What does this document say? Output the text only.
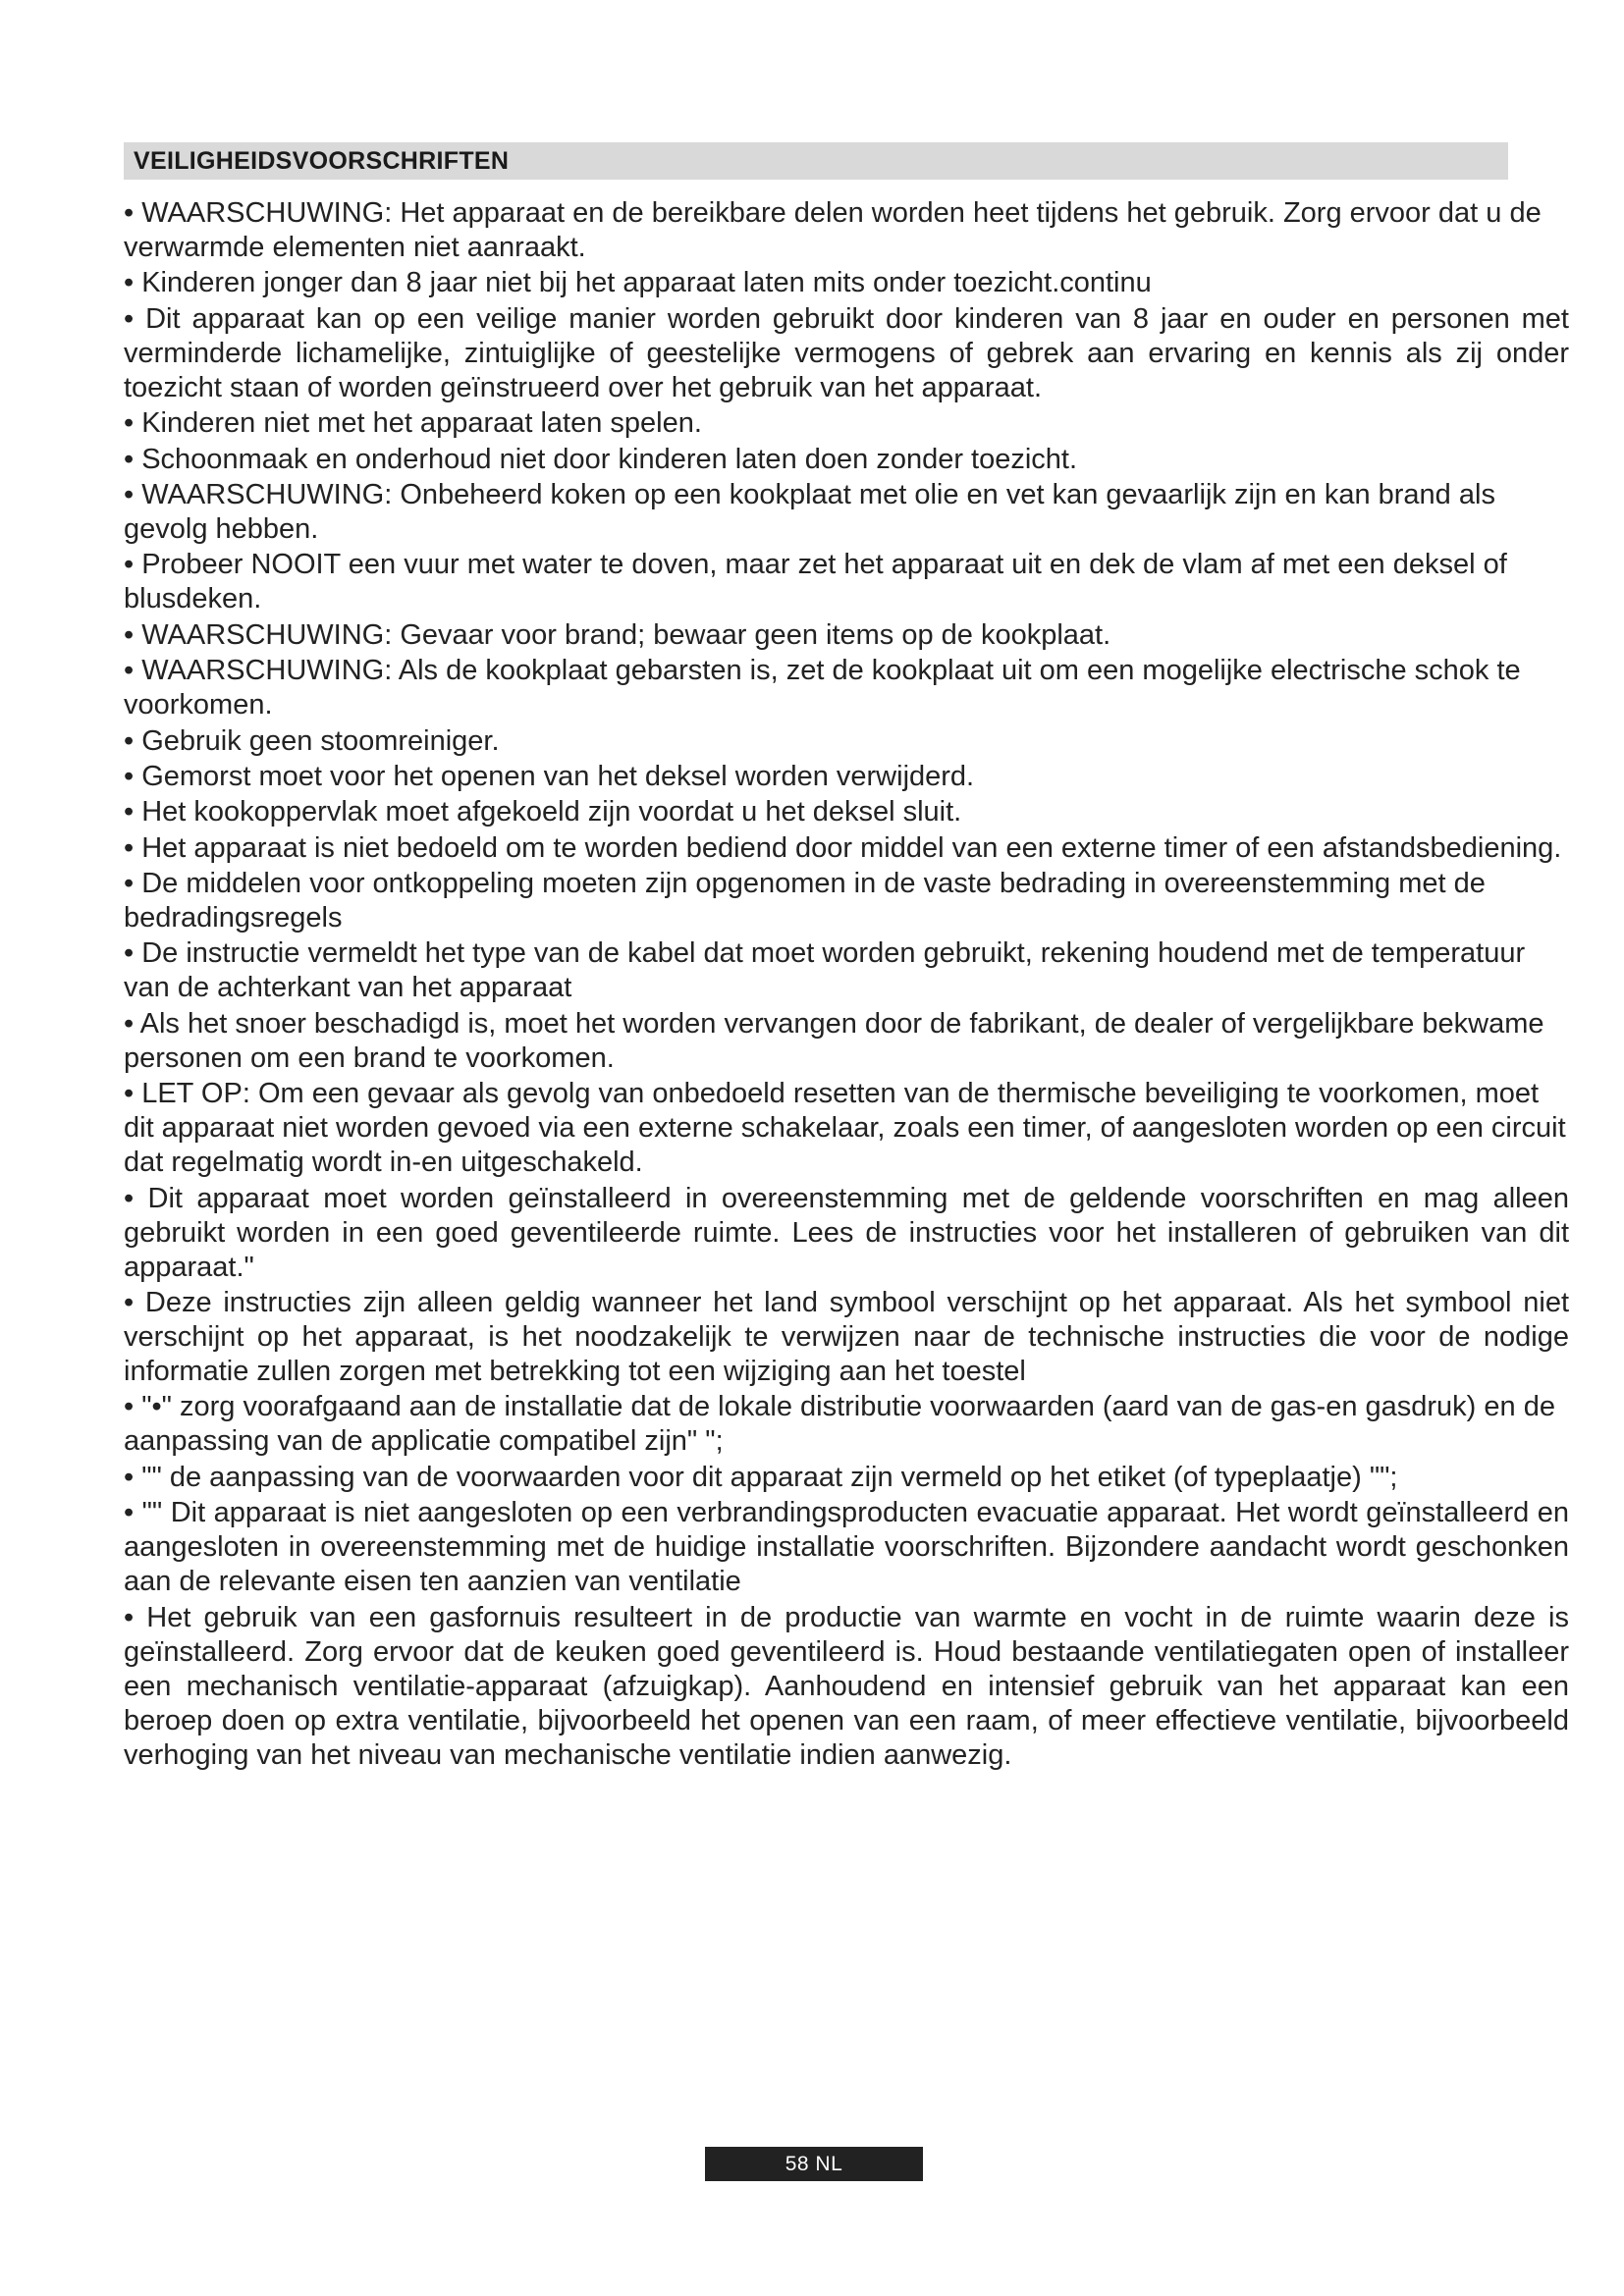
VEILIGHEIDSVOORSCHRIFTEN

• WAARSCHUWING: Het apparaat en de bereikbare delen worden heet tijdens het gebruik. Zorg ervoor dat u de verwarmde elementen niet aanraakt.

• Kinderen jonger dan 8 jaar niet bij het apparaat laten mits onder toezicht.continu

• Dit apparaat kan op een veilige manier worden gebruikt door kinderen van 8 jaar en ouder en personen met verminderde lichamelijke, zintuiglijke of geestelijke vermogens of gebrek aan ervaring en kennis als zij onder toezicht staan of worden geïnstrueerd over het gebruik van het apparaat.

• Kinderen niet met het apparaat laten spelen.

• Schoonmaak en onderhoud niet door kinderen laten doen zonder toezicht.

• WAARSCHUWING: Onbeheerd koken op een kookplaat met olie en vet kan gevaarlijk zijn en kan brand als gevolg hebben.

• Probeer NOOIT een vuur met water te doven, maar zet het apparaat uit en dek de vlam af met een deksel of blusdeken.

• WAARSCHUWING: Gevaar voor brand; bewaar geen items op de kookplaat.

• WAARSCHUWING: Als de kookplaat gebarsten is, zet de kookplaat uit om een mogelijke electrische schok te voorkomen.

• Gebruik geen stoomreiniger.

• Gemorst moet voor het openen van het deksel worden verwijderd.

• Het kookoppervlak moet afgekoeld zijn voordat u het deksel sluit.

• Het apparaat is niet bedoeld om te worden bediend door middel van een externe timer of een afstandsbediening.

• De middelen voor ontkoppeling moeten zijn opgenomen in de vaste bedrading in overeenstemming met de bedradingsregels

• De instructie vermeldt het type van de kabel dat moet worden gebruikt, rekening houdend met de temperatuur van de achterkant van het apparaat

• Als het snoer beschadigd is, moet het worden vervangen door de fabrikant, de dealer of vergelijkbare bekwame personen om een brand te voorkomen.

• LET OP: Om een gevaar als gevolg van onbedoeld resetten van de thermische beveiliging te voorkomen, moet dit apparaat niet worden gevoed via een externe schakelaar, zoals een timer, of aangesloten worden op een circuit dat regelmatig wordt in-en uitgeschakeld.

• Dit apparaat moet worden geïnstalleerd in overeenstemming met de geldende voorschriften en mag alleen gebruikt worden in een goed geventileerde ruimte. Lees de instructies voor het installeren of gebruiken van dit apparaat."

• Deze instructies zijn alleen geldig wanneer het land symbool verschijnt op het apparaat. Als het symbool niet verschijnt op het apparaat, is het noodzakelijk te verwijzen naar de technische instructies die voor de nodige informatie zullen zorgen met betrekking tot een wijziging aan het toestel

• "•" zorg voorafgaand aan de installatie dat de lokale distributie voorwaarden (aard van de gas-en gasdruk) en de aanpassing van de applicatie compatibel zijn" ";

• "" de aanpassing van de voorwaarden voor dit apparaat zijn vermeld op het etiket (of typeplaatje) "";

• "" Dit apparaat is niet aangesloten op een verbrandingsproducten evacuatie apparaat. Het wordt geïnstalleerd en aangesloten in overeenstemming met de huidige installatie voorschriften. Bijzondere aandacht wordt geschonken aan de relevante eisen ten aanzien van ventilatie

• Het gebruik van een gasfornuis resulteert in de productie van warmte en vocht in de ruimte waarin deze is geïnstalleerd. Zorg ervoor dat de keuken goed geventileerd is. Houd bestaande ventilatiegaten open of installeer een mechanisch ventilatie-apparaat (afzuigkap). Aanhoudend en intensief gebruik van het apparaat kan een beroep doen op extra ventilatie, bijvoorbeeld het openen van een raam, of meer effectieve ventilatie, bijvoorbeeld verhoging van het niveau van mechanische ventilatie indien aanwezig.

58 NL
